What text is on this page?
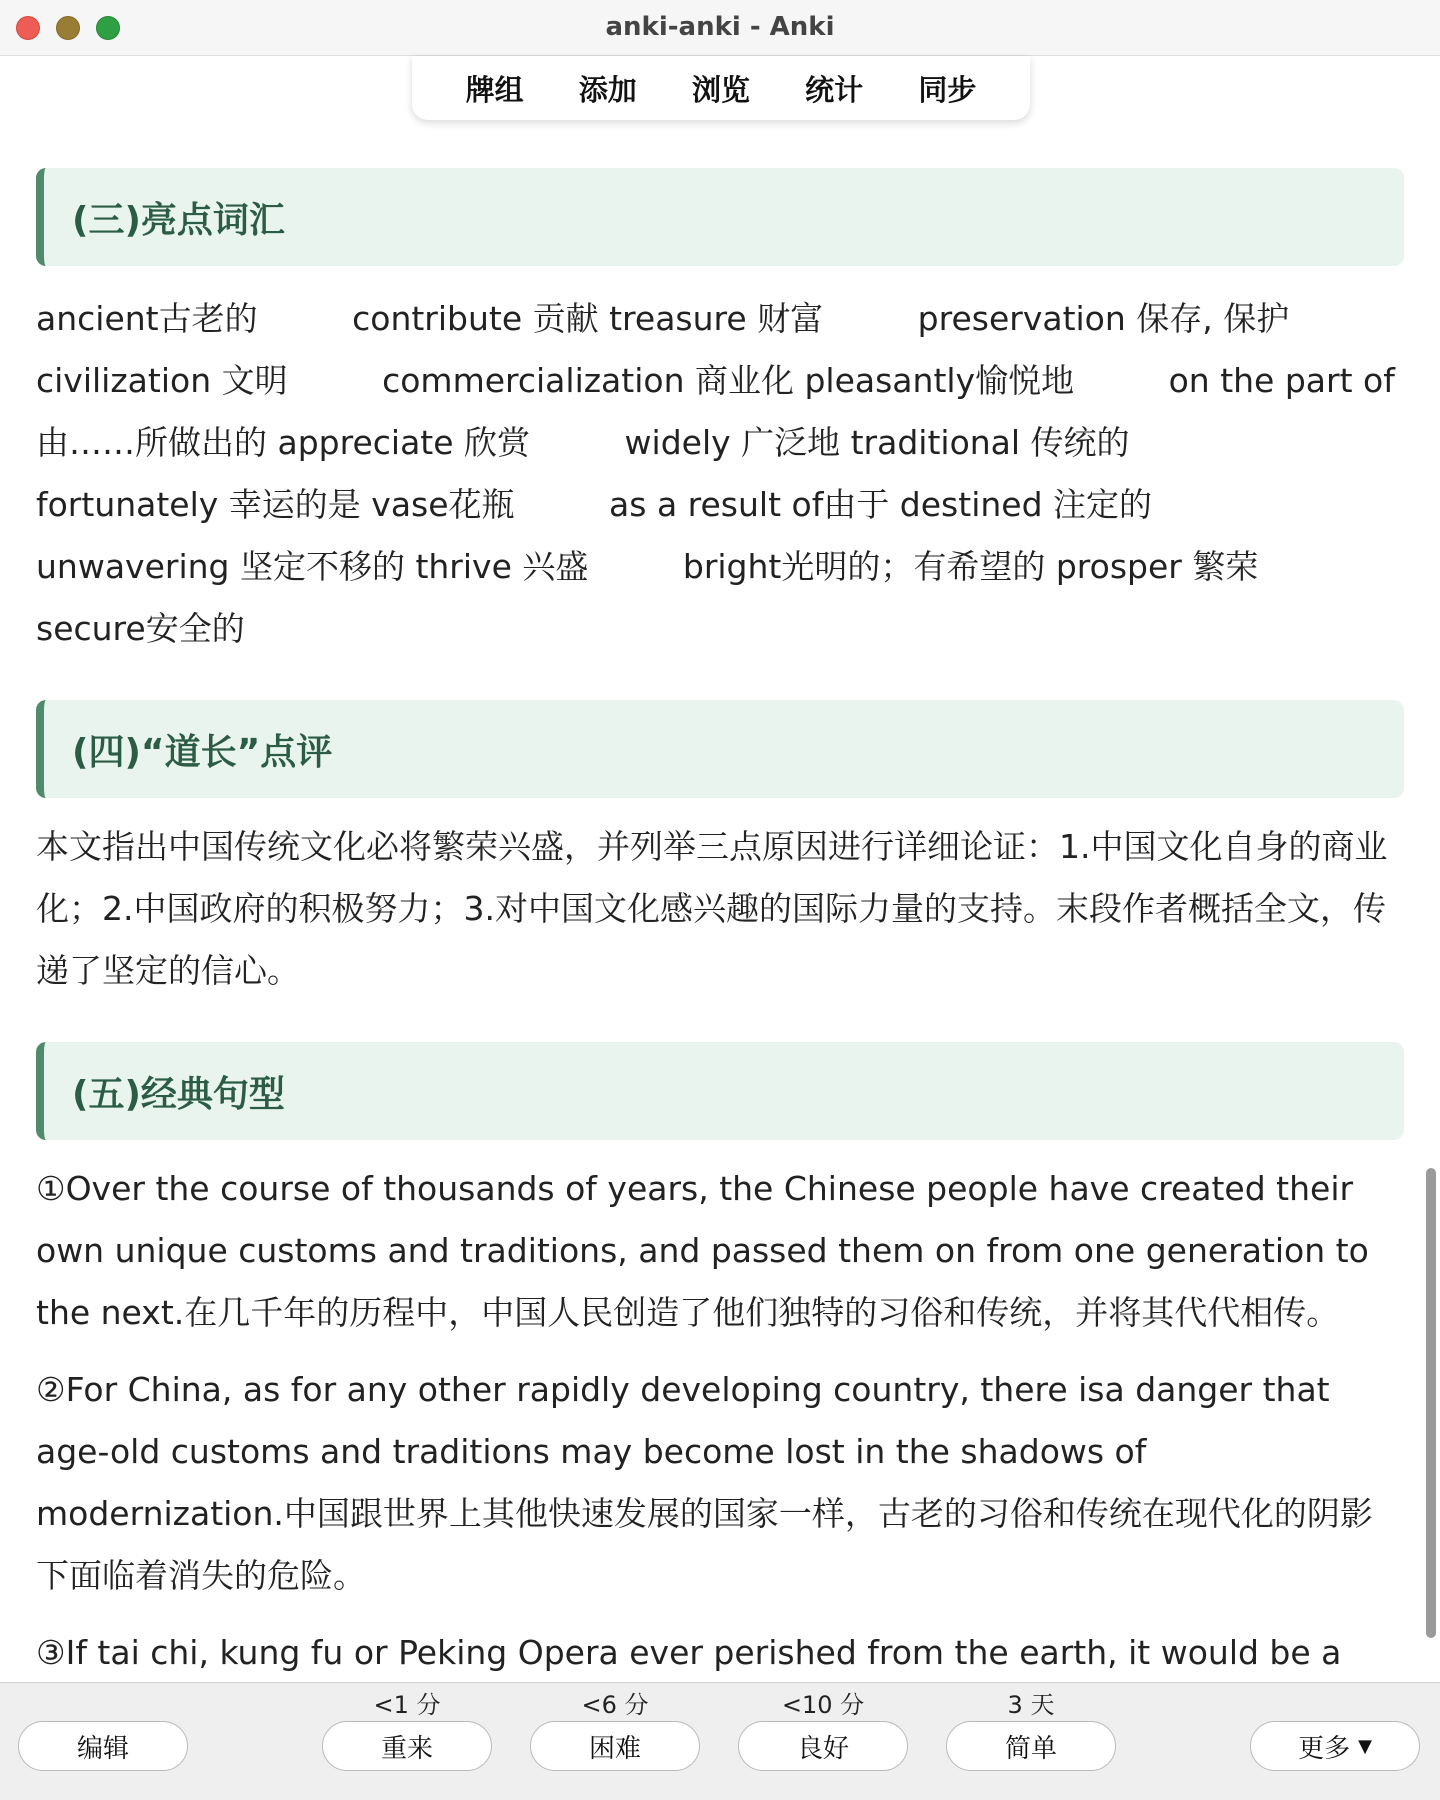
anki-anki - Anki
牌组	添加	浏览	统计	同步
(三)亮点词汇
ancient古老的	contribute 贡献 treasure 财富	preservation 保存, 保护 civilization 文明	commercialization 商业化 pleasantly愉悦地	on the part of 由……所做出的 appreciate 欣赏	widely 广泛地 traditional 传统的 fortunately 幸运的是 vase花瓶	as a result of由于 destined 注定的 unwavering 坚定不移的 thrive 兴盛	bright光明的；有希望的 prosper 繁荣 secure安全的
(四)“道长”点评
本文指出中国传统文化必将繁荣兴盛，并列举三点原因进行详细论证：1.中国文化自身的商业化；2.中国政府的积极努力；3.对中国文化感兴趣的国际力量的支持。末段作者概括全文，传递了坚定的信心。
(五)经典句型
①Over the course of thousands of years, the Chinese people have created their own unique customs and traditions, and passed them on from one generation to the next.在几千年的历程中，中国人民创造了他们独特的习俗和传统，并将其代代相传。
②For China, as for any other rapidly developing country, there isa danger that age-old customs and traditions may become lost in the shadows of modernization.中国跟世界上其他快速发展的国家一样，古老的习俗和传统在现代化的阴影下面临着消失的危险。
③If tai chi, kung fu or Peking Opera ever perished from the earth, it would be a
编辑
<1 分
重来
<6 分
困难
<10 分
良好
3 天
简单	更多 ▼
